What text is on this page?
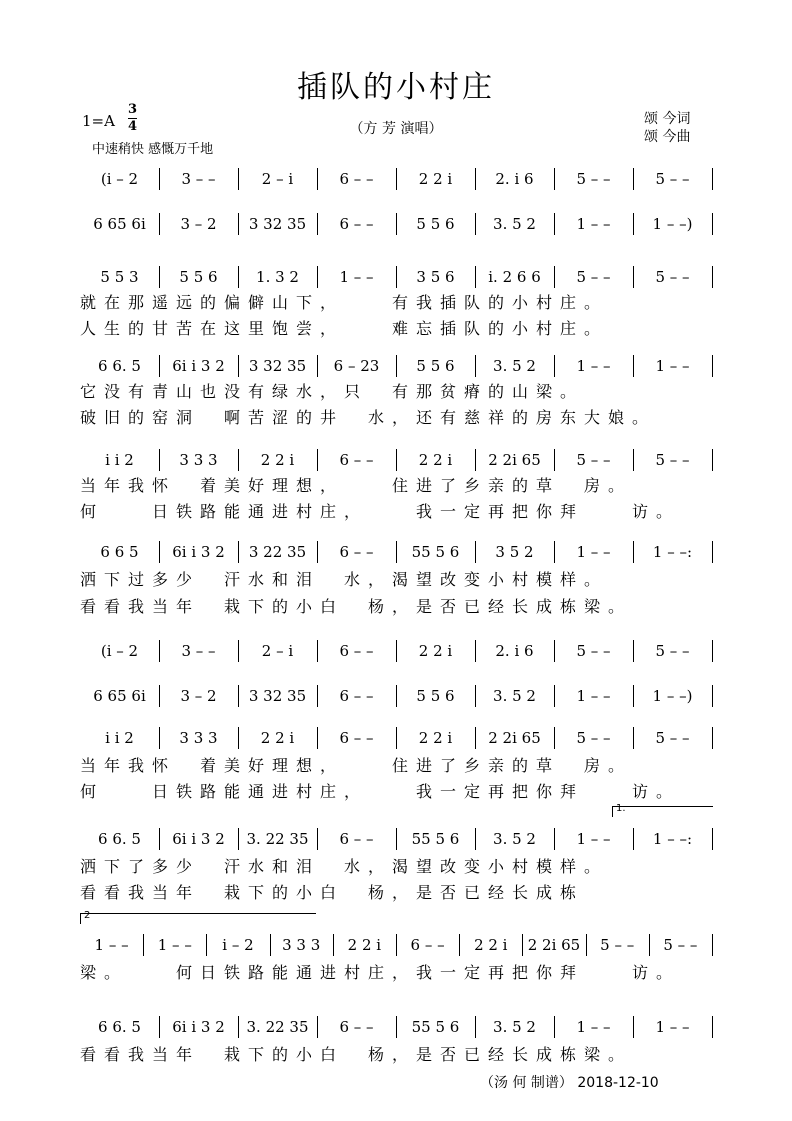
插队的小村庄
（方 芳 演唱）
1=A
3
4	颂 今词
颂 今曲
中速稍快 感慨万千地
1.
2
(i – 2	3 – –	2 – i	6 – –	2 2 i	2. i 6	5 – –	5 – –
6 65 6i	3 – 2	3 32 35	6 – –	5 5 6	3. 5 2	1 – –	1 – –)
5 5 3	5 5 6	1. 3 2	1 – –	3 5 6	i. 2 6 6	5 – –	5 – –
6 6. 5	6i i 3 2	3 32 35	6 – 23	5 5 6	3. 5 2	1 – –	1 – –
i i 2	3 3 3	2 2 i	6 – –	2 2 i	2 2i 65	5 – –	5 – –
6 6 5	6i i 3 2	3 22 35	6 – –	55 5 6	3 5 2	1 – –	1 – –:
(i – 2	3 – –	2 – i	6 – –	2 2 i	2. i 6	5 – –	5 – –
6 65 6i	3 – 2	3 32 35	6 – –	5 5 6	3. 5 2	1 – –	1 – –)
i i 2	3 3 3	2 2 i	6 – –	2 2 i	2 2i 65	5 – –	5 – –
6 6. 5	6i i 3 2	3. 22 35	6 – –	55 5 6	3. 5 2	1 – –	1 – –:
1 – –	1 – –	i – 2	3 3 3	2 2 i	6 – –	2 2 i	2 2i 65	5 – –	5 – –
6 6. 5	6i i 3 2	3. 22 35	6 – –	55 5 6	3. 5 2	1 – –	1 – –
就 在 那 遥 远 的 偏 僻 山 下 ，	有 我 插 队 的 小 村 庄 。
人 生 的 甘 苦 在 这 里 饱 尝 ，	难 忘 插 队 的 小 村 庄 。
它 没 有 青 山 也 没 有 绿 水 ， 只 有 那 贫 瘠 的 山 梁 。
破 旧 的 窑 洞 啊 苦 涩 的 井 水 ， 还 有 慈 祥 的 房 东 大 娘 。
当 年 我 怀 着 美 好 理 想 ，	住 进 了 乡 亲 的 草 房 。
何	日 铁 路 能 通 进 村 庄 ，	我 一 定 再 把 你 拜	访 。
洒 下 过 多 少 汗 水 和 泪 水 ， 渴 望 改 变 小 村 模 样 。
看 看 我 当 年 栽 下 的 小 白 杨 ， 是 否 已 经 长 成 栋 梁 。
当 年 我 怀 着 美 好 理 想 ，	住 进 了 乡 亲 的 草 房 。
何	日 铁 路 能 通 进 村 庄 ，	我 一 定 再 把 你 拜	访 。
洒 下 了 多 少 汗 水 和 泪 水 ， 渴 望 改 变 小 村 模 样 。
看 看 我 当 年 栽 下 的 小 白 杨 ， 是 否 已 经 长 成 栋
梁 。	何 日 铁 路 能 通 进 村 庄 ， 我 一 定 再 把 你 拜	访 。
看 看 我 当 年 栽 下 的 小 白 杨 ， 是 否 已 经 长 成 栋 梁 。
（汤 何 制谱） 2018-12-10
